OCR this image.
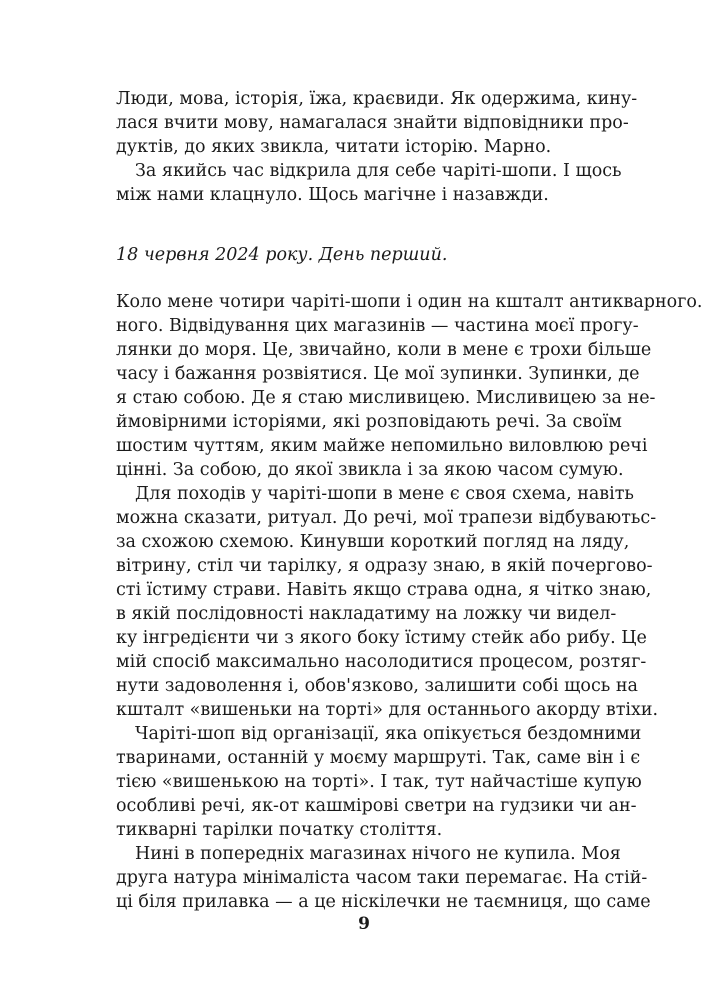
Люди, мова, історія, їжа, краєвиди. Як одержима, кину-
лася вчити мову, намагалася знайти відповідники про-
дуктів, до яких звикла, читати історію. Марно.
За якийсь час відкрила для себе чаріті-шопи. І щось
між нами клацнуло. Щось магічне і назавжди.
18 червня 2024 року. День перший.
Коло мене чотири чаріті-шопи і один на кшталт антикварного.
ного. Відвідування цих магазинів — частина моєї прогу-
лянки до моря. Це, звичайно, коли в мене є трохи більше
часу і бажання розвіятися. Це мої зупинки. Зупинки, де
я стаю собою. Де я стаю мисливицею. Мисливицею за не-
ймовірними історіями, які розповідають речі. За своїм
шостим чуттям, яким майже непомильно виловлюю речі
цінні. За собою, до якої звикла і за якою часом сумую.
Для походів у чаріті-шопи в мене є своя схема, навіть
можна сказати, ритуал. До речі, мої трапези відбуваютьс-
за схожою схемою. Кинувши короткий погляд на ляду,
вітрину, стіл чи тарілку, я одразу знаю, в якій почергово-
сті їстиму страви. Навіть якщо страва одна, я чітко знаю,
в якій послідовності накладатиму на ложку чи видел-
ку інгредієнти чи з якого боку їстиму стейк або рибу. Це
мій спосіб максимально насолодитися процесом, розтяг-
нути задоволення і, обов'язково, залишити собі щось на
кшталт «вишеньки на торті» для останнього акорду втіхи.
Чаріті-шоп від організації, яка опікується бездомними
тваринами, останній у моєму маршруті. Так, саме він і є
тією «вишенькою на торті». І так, тут найчастіше купую
особливі речі, як-от кашмірові светри на гудзики чи ан-
тикварні тарілки початку століття.
Нині в попередніх магазинах нічого не купила. Моя
друга натура мінімаліста часом таки перемагає. На стій-
ці біля прилавка — а це ніскілечки не таємниця, що саме
9
